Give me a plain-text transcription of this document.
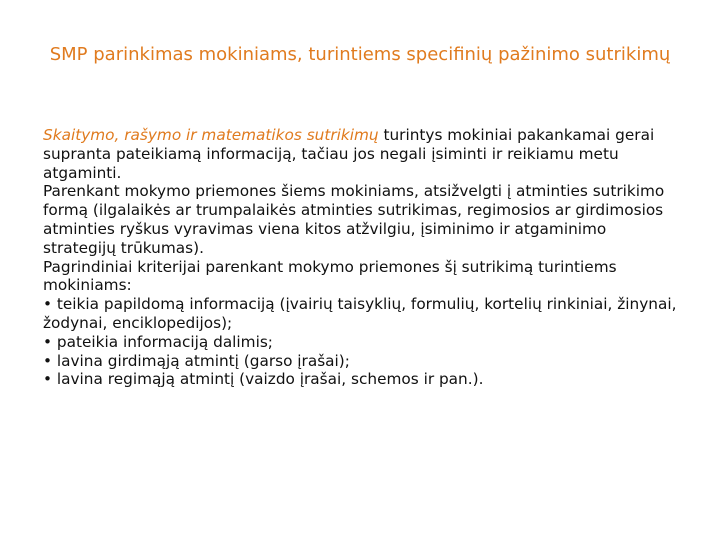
SMP parinkimas mokiniams, turintiems specifinių pažinimo sutrikimų

Skaitymo, rašymo ir matematikos sutrikimų turintys mokiniai pakankamai gerai supranta pateikiamą informaciją, tačiau jos negali įsiminti ir reikiamu metu atgaminti.

Parenkant mokymo priemones šiems mokiniams, atsižvelgti į atminties sutrikimo formą (ilgalaikės ar trumpalaikės atminties sutrikimas, regimosios ar girdimosios atminties ryškus vyravimas viena kitos atžvilgiu, įsiminimo ir atgaminimo strategijų trūkumas).

Pagrindiniai kriterijai parenkant mokymo priemones šį sutrikimą turintiems mokiniams:

• teikia papildomą informaciją (įvairių taisyklių, formulių, kortelių rinkiniai, žinynai, žodynai, enciklopedijos);

• pateikia informaciją dalimis;

• lavina girdimąją atmintį (garso įrašai);

• lavina regimąją atmintį (vaizdo įrašai, schemos ir pan.).
